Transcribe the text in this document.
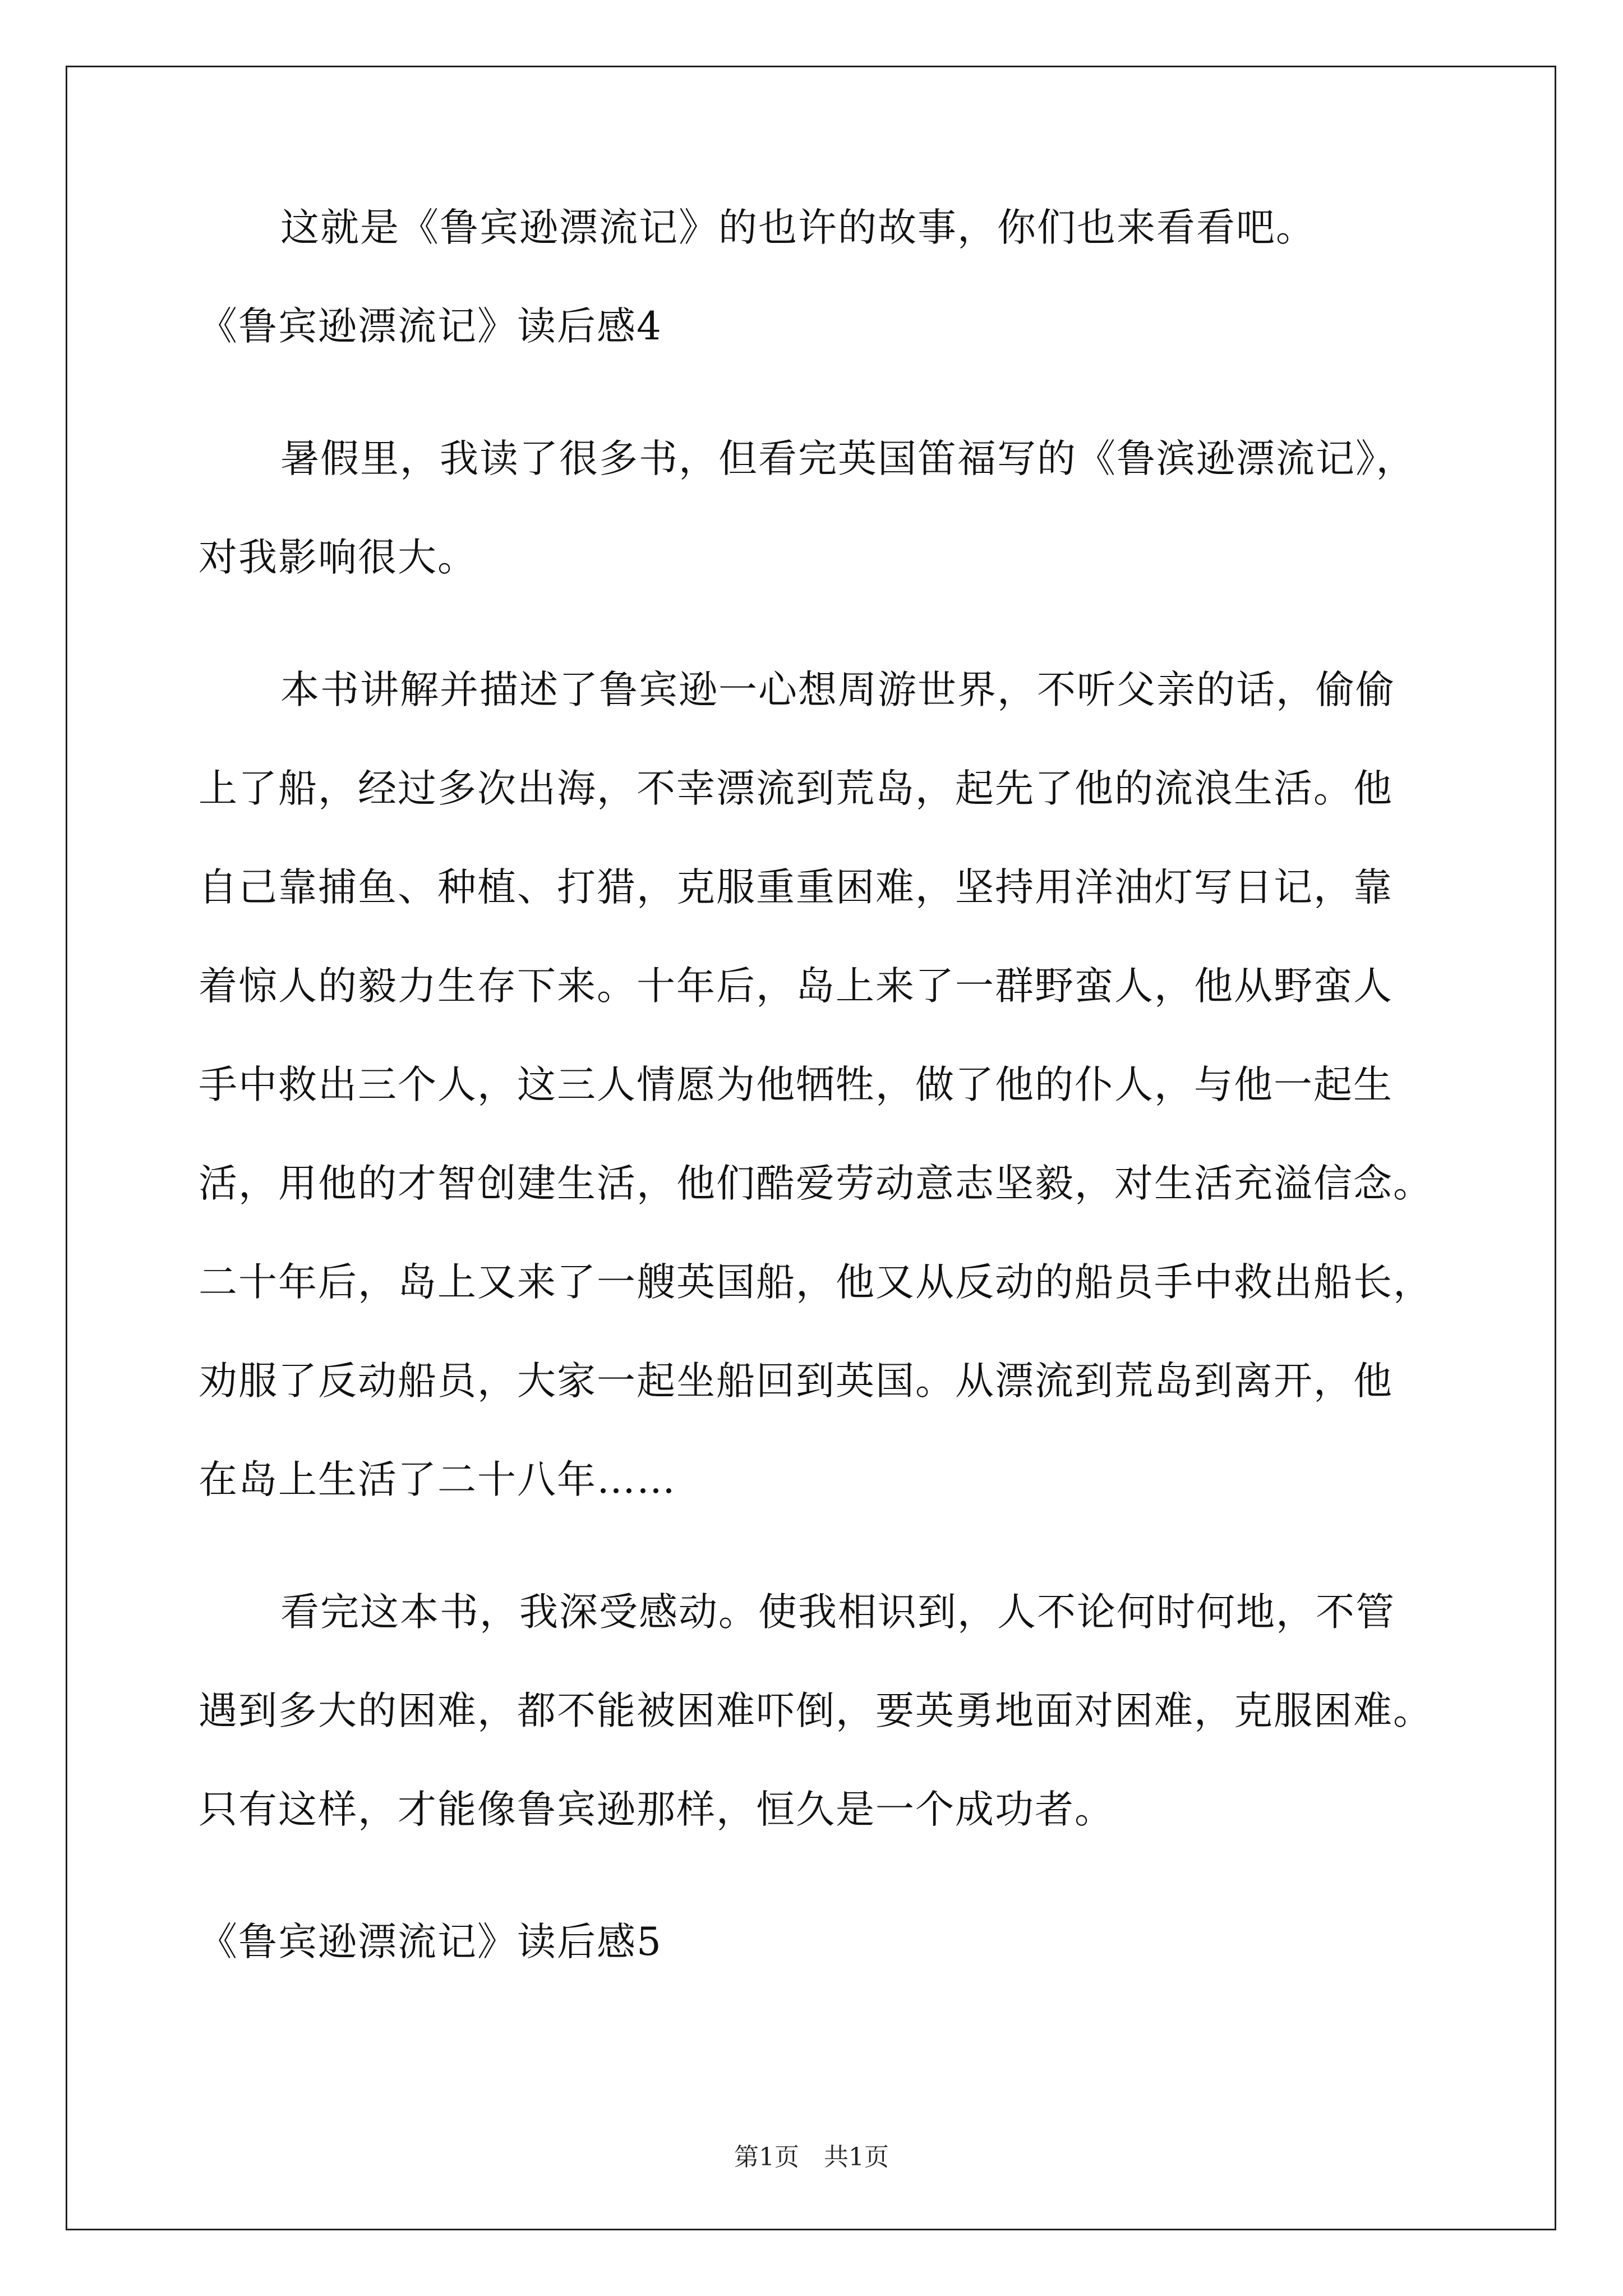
这就是《鲁宾逊漂流记》的也许的故事，你们也来看看吧。
《鲁宾逊漂流记》读后感4
暑假里，我读了很多书，但看完英国笛福写的《鲁滨逊漂流记》，
对我影响很大。
本书讲解并描述了鲁宾逊一心想周游世界，不听父亲的话，偷偷
上了船，经过多次出海，不幸漂流到荒岛，起先了他的流浪生活。他
自己靠捕鱼、种植、打猎，克服重重困难，坚持用洋油灯写日记，靠
着惊人的毅力生存下来。十年后，岛上来了一群野蛮人，他从野蛮人
手中救出三个人，这三人情愿为他牺牲，做了他的仆人，与他一起生
活，用他的才智创建生活，他们酷爱劳动意志坚毅，对生活充溢信念。
二十年后，岛上又来了一艘英国船，他又从反动的船员手中救出船长，
劝服了反动船员，大家一起坐船回到英国。从漂流到荒岛到离开，他
在岛上生活了二十八年……
看完这本书，我深受感动。使我相识到，人不论何时何地，不管
遇到多大的困难，都不能被困难吓倒，要英勇地面对困难，克服困难。
只有这样，才能像鲁宾逊那样，恒久是一个成功者。
《鲁宾逊漂流记》读后感5
第1页　共1页
